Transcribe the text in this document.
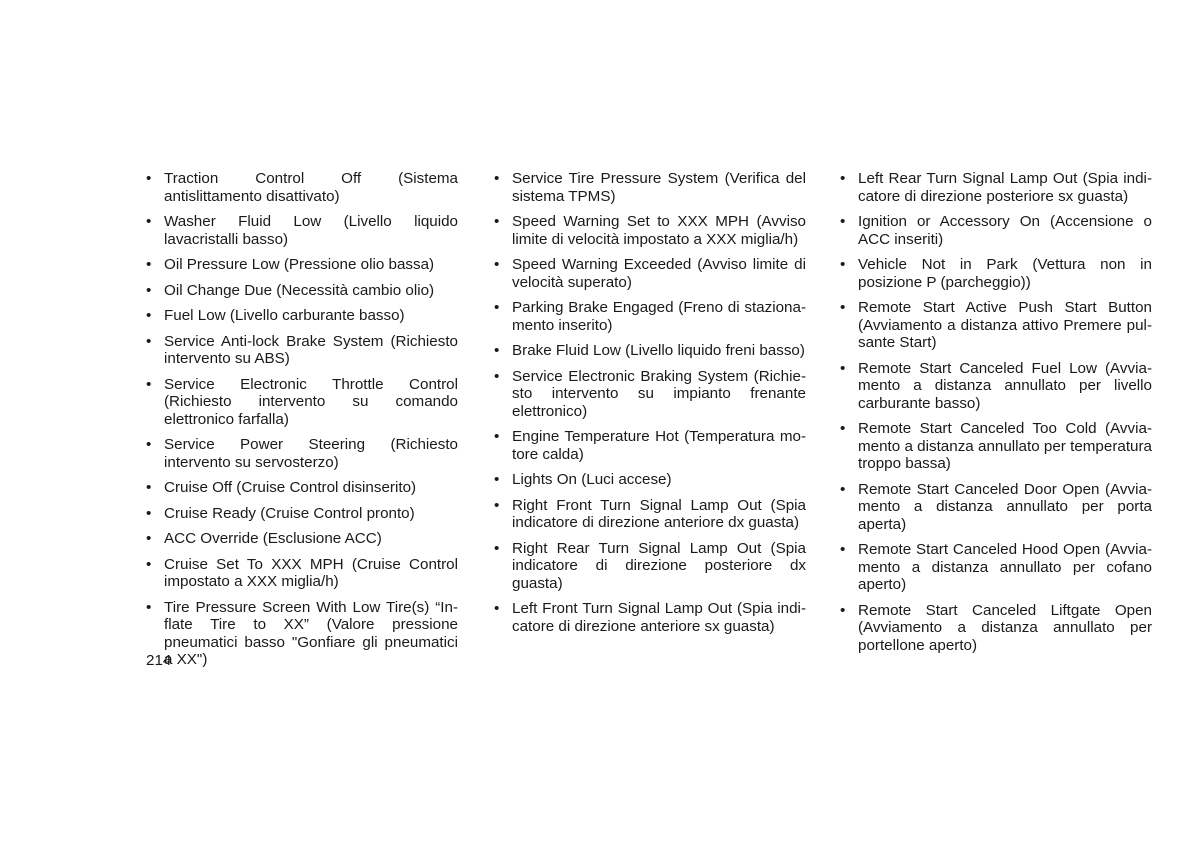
• Traction Control Off (Sistema antislittamento disattivato)
• Washer Fluid Low (Livello liquido lavacristalli basso)
• Oil Pressure Low (Pressione olio bassa)
• Oil Change Due (Necessità cambio olio)
• Fuel Low (Livello carburante basso)
• Service Anti-lock Brake System (Richiesto intervento su ABS)
• Service Electronic Throttle Control (Richiesto intervento su comando elettronico farfalla)
• Service Power Steering (Richiesto intervento su servosterzo)
• Cruise Off (Cruise Control disinserito)
• Cruise Ready (Cruise Control pronto)
• ACC Override (Esclusione ACC)
• Cruise Set To XXX MPH (Cruise Control impostato a XXX miglia/h)
• Tire Pressure Screen With Low Tire(s) “Inflate Tire to XX” (Valore pressione pneumatici basso "Gonfiare gli pneumatici a XX")
• Service Tire Pressure System (Verifica del sistema TPMS)
• Speed Warning Set to XXX MPH (Avviso limite di velocità impostato a XXX miglia/h)
• Speed Warning Exceeded (Avviso limite di velocità superato)
• Parking Brake Engaged (Freno di stazionamento inserito)
• Brake Fluid Low (Livello liquido freni basso)
• Service Electronic Braking System (Richiesto intervento su impianto frenante elettronico)
• Engine Temperature Hot (Temperatura motore calda)
• Lights On (Luci accese)
• Right Front Turn Signal Lamp Out (Spia indicatore di direzione anteriore dx guasta)
• Right Rear Turn Signal Lamp Out (Spia indicatore di direzione posteriore dx guasta)
• Left Front Turn Signal Lamp Out (Spia indicatore di direzione anteriore sx guasta)
• Left Rear Turn Signal Lamp Out (Spia indicatore di direzione posteriore sx guasta)
• Ignition or Accessory On (Accensione o ACC inseriti)
• Vehicle Not in Park (Vettura non in posizione P (parcheggio))
• Remote Start Active Push Start Button (Avviamento a distanza attivo Premere pulsante Start)
• Remote Start Canceled Fuel Low (Avviamento a distanza annullato per livello carburante basso)
• Remote Start Canceled Too Cold (Avviamento a distanza annullato per temperatura troppo bassa)
• Remote Start Canceled Door Open (Avviamento a distanza annullato per porta aperta)
• Remote Start Canceled Hood Open (Avviamento a distanza annullato per cofano aperto)
• Remote Start Canceled Liftgate Open (Avviamento a distanza annullato per portellone aperto)
214
